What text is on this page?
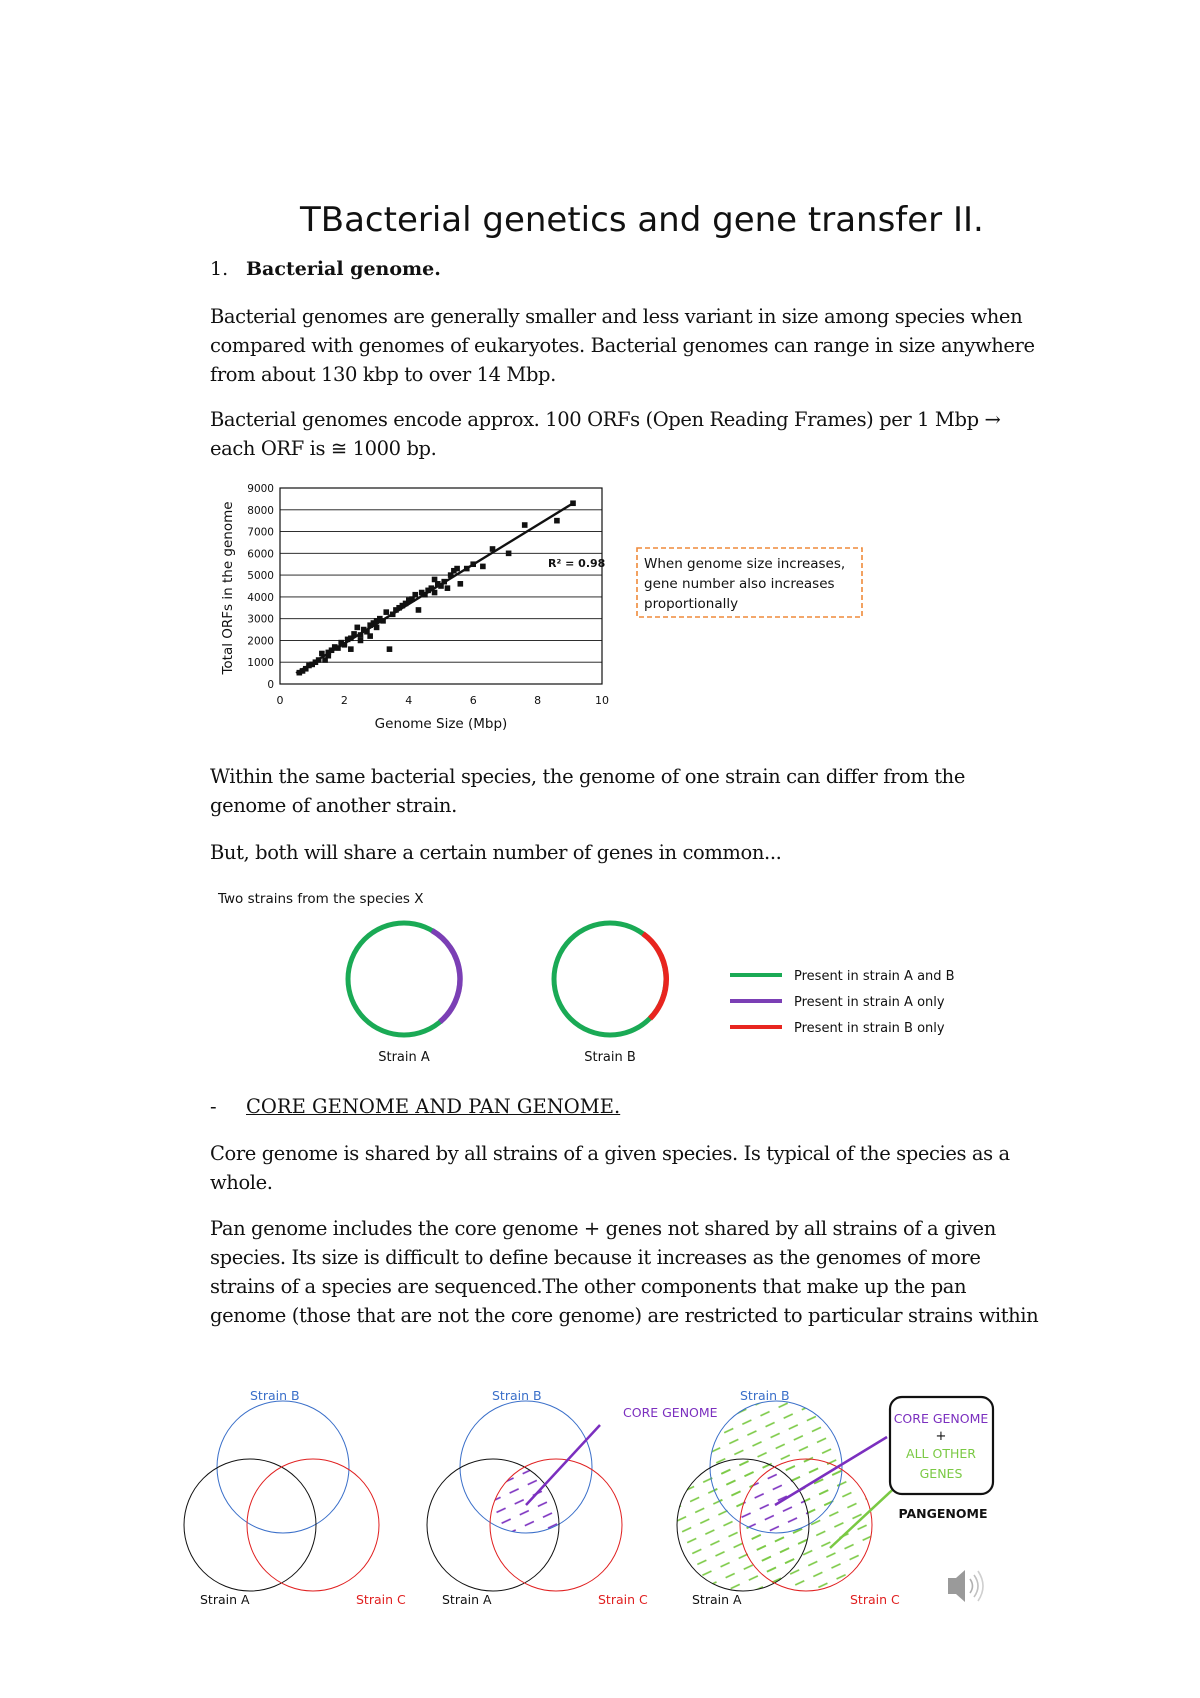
TBacterial genetics and gene transfer II.
1. Bacterial genome.
Bacterial genomes are generally smaller and less variant in size among species when compared with genomes of eukaryotes. Bacterial genomes can range in size anywhere from about 130 kbp to over 14 Mbp.
Bacterial genomes encode approx. 100 ORFs (Open Reading Frames) per 1 Mbp → each ORF is ≅ 1000 bp.
0
1000
2000
3000
4000
5000
6000
7000
8000
9000
0	2	4	6	8	10
R² = 0.98
Genome Size (Mbp)
Total ORFs in the genome	When genome size increases,
gene number also increases
proportionally
Within the same bacterial species, the genome of one strain can differ from the genome of another strain.
But, both will share a certain number of genes in common...
Two strains from the species X
Strain A	Strain B
Present in strain A and B
Present in strain A only
Present in strain B only
- CORE GENOME AND PAN GENOME.
Core genome is shared by all strains of a given species. Is typical of the species as a whole.
Pan genome includes the core genome + genes not shared by all strains of a given species. Its size is difficult to define because it increases as the genomes of more strains of a species are sequenced.The other components that make up the pan genome (those that are not the core genome) are restricted to particular strains within
Strain B
Strain A	Strain C
CORE GENOME
Strain B
Strain A	Strain C
CORE GENOME
+
ALL OTHER
GENES
PANGENOME
Strain B
Strain A	Strain C
